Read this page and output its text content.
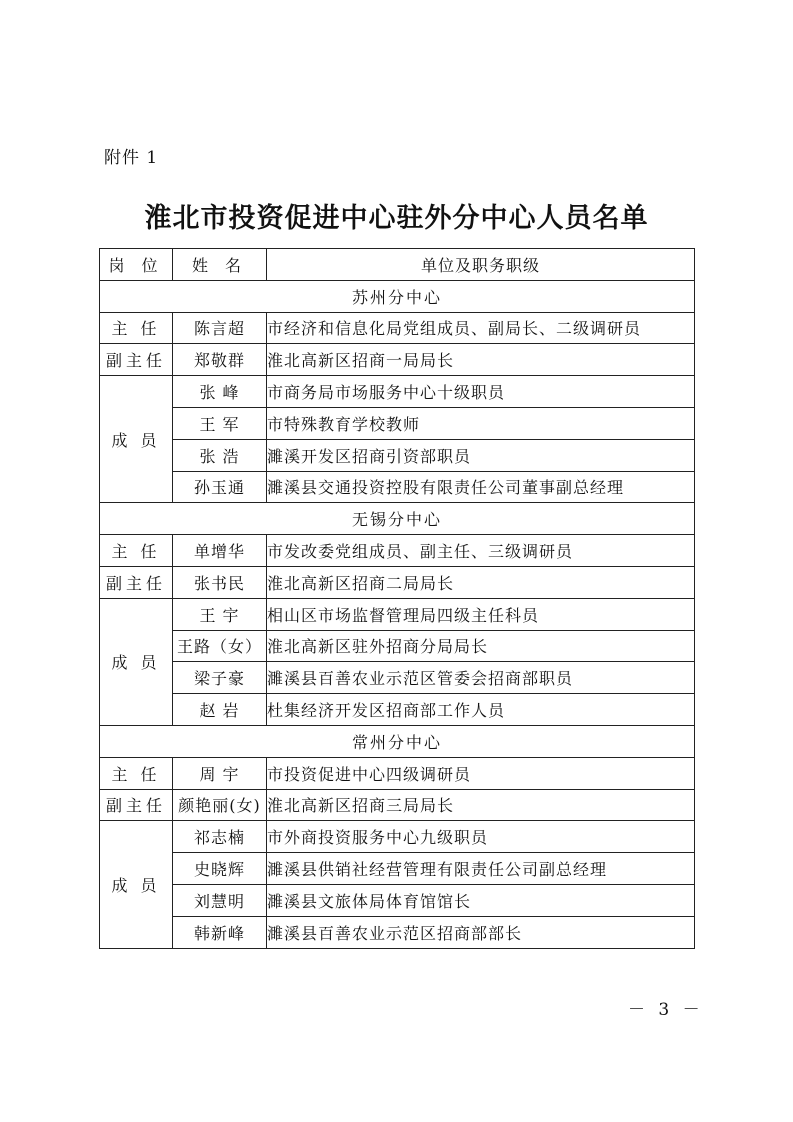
附件 1
淮北市投资促进中心驻外分中心人员名单
岗 位	姓 名	单位及职务职级
苏州分中心		
主 任	陈言超	市经济和信息化局党组成员、副局长、二级调研员
副主任	郑敬群	淮北高新区招商一局局长
成 员	张 峰	市商务局市场服务中心十级职员
	王 军	市特殊教育学校教师
	张 浩	濉溪开发区招商引资部职员
	孙玉通	濉溪县交通投资控股有限责任公司董事副总经理
无锡分中心		
主 任	单增华	市发改委党组成员、副主任、三级调研员
副主任	张书民	淮北高新区招商二局局长
成 员	王 宇	相山区市场监督管理局四级主任科员
	王路（女）	淮北高新区驻外招商分局局长
	梁子豪	濉溪县百善农业示范区管委会招商部职员
	赵 岩	杜集经济开发区招商部工作人员
常州分中心		
主 任	周 宇	市投资促进中心四级调研员
副主任	颜艳丽(女)	淮北高新区招商三局局长
成 员	祁志楠	市外商投资服务中心九级职员
	史晓辉	濉溪县供销社经营管理有限责任公司副总经理
	刘慧明	濉溪县文旅体局体育馆馆长
	韩新峰	濉溪县百善农业示范区招商部部长
－ 3 －
